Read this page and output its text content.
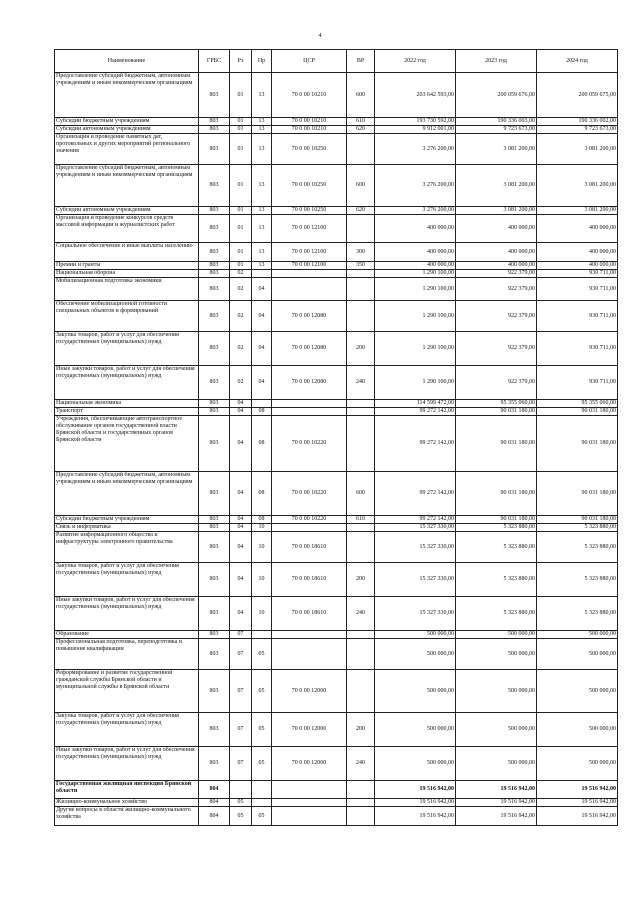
4
Наименование	ГРБС	Рз	Пр	ЦСР	ВР	2022 год	2023 год	2024 год
Предоставление субсидий бюджетным, автономным учреждениям и иным некоммерческим организациям	803	01	13	70 0 00 10210	600	203 642 593,00	200 059 676,00	200 059 675,00
Субсидии бюджетным учреждениям	803	01	13	70 0 00 10210	610	193 730 592,00	190 336 003,00	190 336 002,00
Субсидии автономным учреждениям	803	01	13	70 0 00 10210	620	9 912 001,00	9 723 673,00	9 723 673,00
Организация и проведение памятных дат, протокольных и других мероприятий регионального значения	803	01	13	70 0 00 10250		3 276 200,00	3 081 200,00	3 081 200,00
Предоставление субсидий бюджетным, автономным учреждениям и иным некоммерческим организациям	803	01	13	70 0 00 10250	600	3 276 200,00	3 081 200,00	3 081 200,00
Субсидии автономным учреждениям	803	01	13	70 0 00 10250	620	3 276 200,00	3 081 200,00	3 081 200,00
Организация и проведение конкурсов средств массовой информации и журналистских работ	803	01	13	70 0 00 12100		400 000,00	400 000,00	400 000,00
Социальное обеспечение и иные выплаты населению	803	01	13	70 0 00 12100	300	400 000,00	400 000,00	400 000,00
Премии и гранты	803	01	13	70 0 00 12100	350	400 000,00	400 000,00	400 000,00
Национальная оборона	803	02				1 290 100,00	922 379,00	930 711,00
Мобилизационная подготовка экономики	803	02	04			1 290 100,00	922 379,00	930 711,00
Обеспечение мобилизационной готовности специальных объектов и формирований	803	02	04	70 0 00 12080		1 290 100,00	922 379,00	930 711,00
Закупка товаров, работ и услуг для обеспечения государственных (муниципальных) нужд	803	02	04	70 0 00 12080	200	1 290 100,00	922 379,00	930 711,00
Иные закупки товаров, работ и услуг для обеспечения государственных (муниципальных) нужд	803	02	04	70 0 00 12080	240	1 290 100,00	922 379,00	930 711,00
Национальная экономика	803	04				114 599 472,00	95 355 060,00	95 355 060,00
Транспорт	803	04	08			99 272 142,00	90 031 180,00	90 031 180,00
Учреждения, обеспечивающие автотранспортное обслуживание органов государственной власти Брянской области и государственных органов Брянской области	803	04	08	70 0 00 10220		99 272 142,00	90 031 180,00	90 031 180,00
Предоставление субсидий бюджетным, автономным учреждениям и иным некоммерческим организациям	803	04	08	70 0 00 10220	600	99 272 142,00	90 031 180,00	90 031 180,00
Субсидии бюджетным учреждениям	803	04	08	70 0 00 10220	610	99 272 142,00	90 031 180,00	90 031 180,00
Связь и информатика	803	04	10			15 327 330,00	5 323 880,00	5 323 880,00
Развитие информационного общества и инфраструктуры электронного правительства	803	04	10	70 0 00 18610		15 327 330,00	5 323 880,00	5 323 880,00
Закупка товаров, работ и услуг для обеспечения государственных (муниципальных) нужд	803	04	10	70 0 00 18610	200	15 327 330,00	5 323 880,00	5 323 880,00
Иные закупки товаров, работ и услуг для обеспечения государственных (муниципальных) нужд	803	04	10	70 0 00 18610	240	15 327 330,00	5 323 880,00	5 323 880,00
Образование	803	07				500 000,00	500 000,00	500 000,00
Профессиональная подготовка, переподготовка и повышение квалификации	803	07	05			500 000,00	500 000,00	500 000,00
Реформирование и развитие государственной гражданской службы Брянской области и муниципальной службы в Брянской области	803	07	05	70 0 00 12000		500 000,00	500 000,00	500 000,00
Закупка товаров, работ и услуг для обеспечения государственных (муниципальных) нужд	803	07	05	70 0 00 12000	200	500 000,00	500 000,00	500 000,00
Иные закупки товаров, работ и услуг для обеспечения государственных (муниципальных) нужд	803	07	05	70 0 00 12000	240	500 000,00	500 000,00	500 000,00
Государственная жилищная инспекция Брянской области	804					19 516 942,00	19 516 942,00	19 516 942,00
Жилищно-коммунальное хозяйство	804	05				19 516 942,00	19 516 942,00	19 516 942,00
Другие вопросы в области жилищно-коммунального хозяйства	804	05	05			19 516 942,00	19 516 942,00	19 516 942,00
